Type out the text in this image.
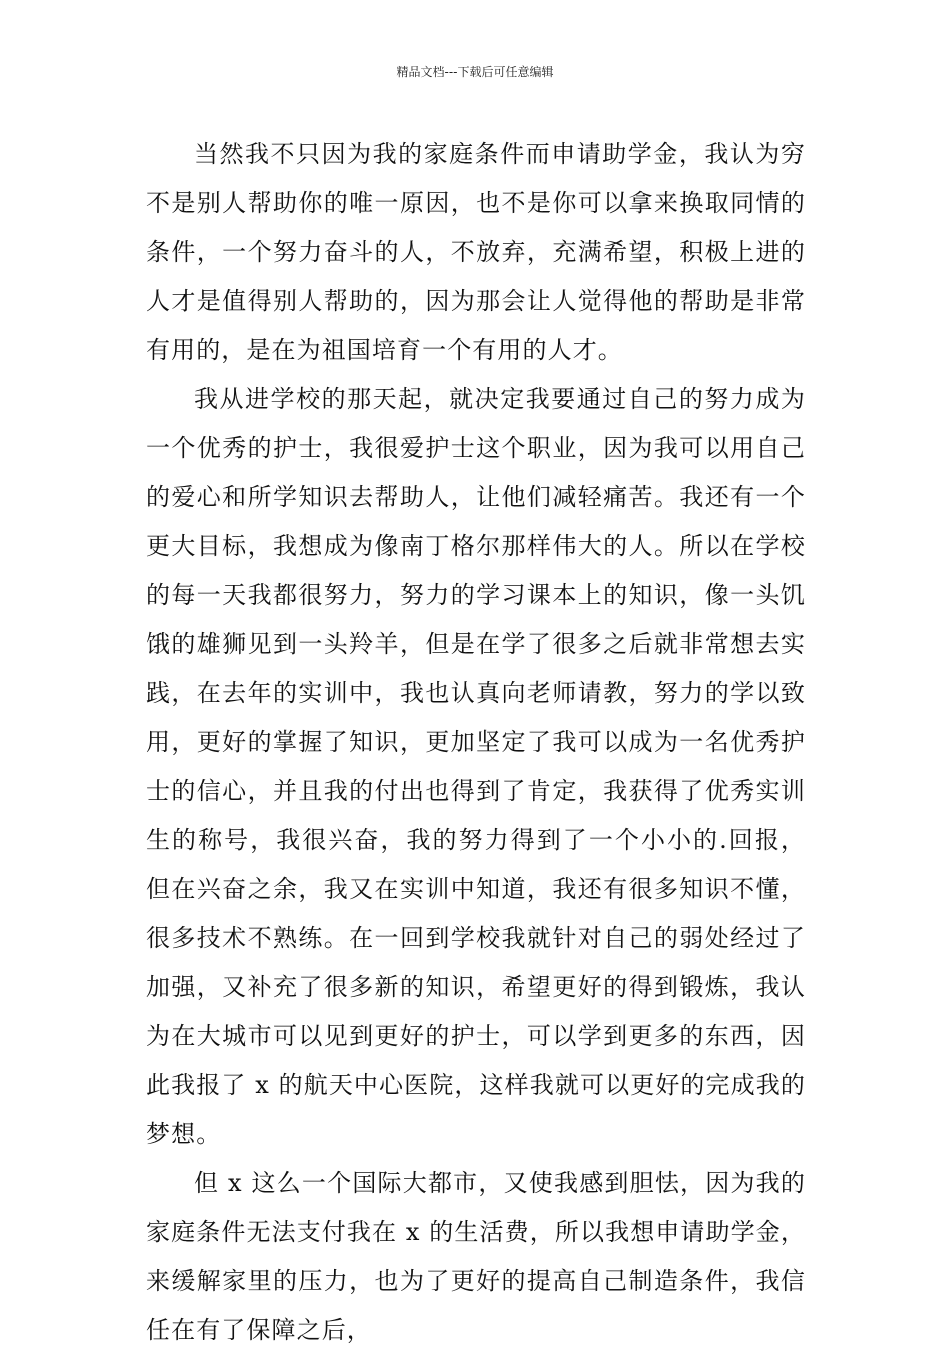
精品文档---下载后可任意编辑

当然我不只因为我的家庭条件而申请助学金，我认为穷不是别人帮助你的唯一原因，也不是你可以拿来换取同情的条件，一个努力奋斗的人，不放弃，充满希望，积极上进的人才是值得别人帮助的，因为那会让人觉得他的帮助是非常有用的，是在为祖国培育一个有用的人才。

我从进学校的那天起，就决定我要通过自己的努力成为一个优秀的护士，我很爱护士这个职业，因为我可以用自己的爱心和所学知识去帮助人，让他们减轻痛苦。我还有一个更大目标，我想成为像南丁格尔那样伟大的人。所以在学校的每一天我都很努力，努力的学习课本上的知识，像一头饥饿的雄狮见到一头羚羊，但是在学了很多之后就非常想去实践，在去年的实训中，我也认真向老师请教，努力的学以致用，更好的掌握了知识，更加坚定了我可以成为一名优秀护士的信心，并且我的付出也得到了肯定，我获得了优秀实训生的称号，我很兴奋，我的努力得到了一个小小的.回报，但在兴奋之余，我又在实训中知道，我还有很多知识不懂，很多技术不熟练。在一回到学校我就针对自己的弱处经过了加强，又补充了很多新的知识，希望更好的得到锻炼，我认为在大城市可以见到更好的护士，可以学到更多的东西，因此我报了 x 的航天中心医院，这样我就可以更好的完成我的梦想。

但 x 这么一个国际大都市，又使我感到胆怯，因为我的家庭条件无法支付我在 x 的生活费，所以我想申请助学金，来缓解家里的压力，也为了更好的提高自己制造条件，我信任在有了保障之后，
